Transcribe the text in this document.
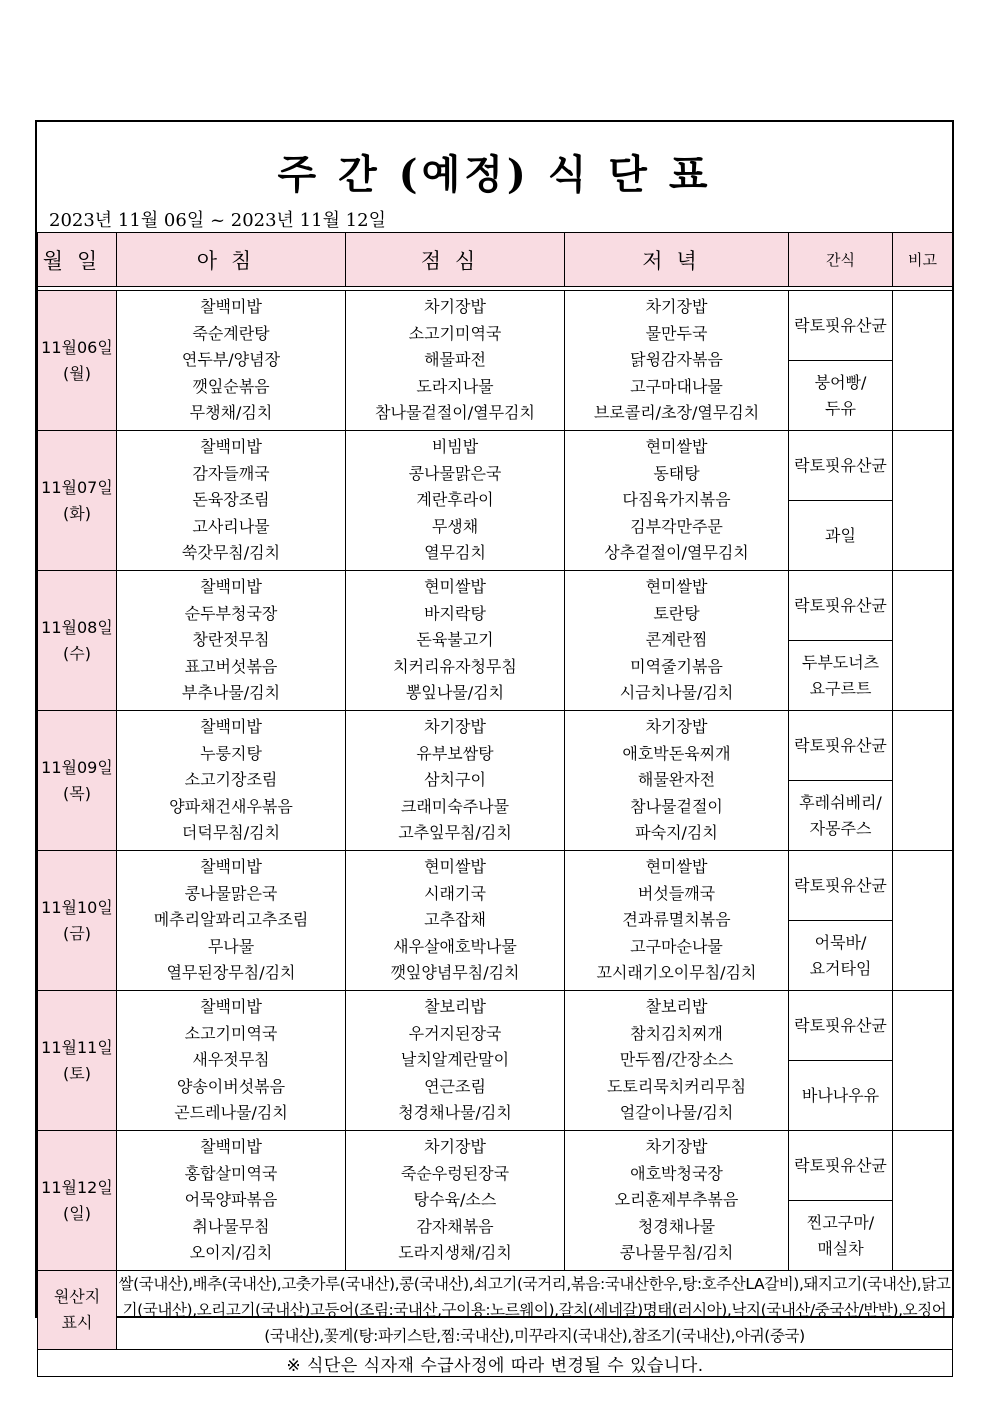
주 간 (예정) 식 단 표
2023년 11월 06일 ~ 2023년 11월 12일
월일	아침	점심	저녁	간식	비고

11월06일
(월)	찰백미밥
죽순계란탕
연두부/양념장
깻잎순볶음
무챙채/김치	차기장밥
소고기미역국
해물파전
도라지나물
참나물겉절이/열무김치	차기장밥
물만두국
닭윙감자볶음
고구마대나물
브로콜리/초장/열무김치	락토핏유산균	

				붕어빵/
두유	

11월07일
(화)	찰백미밥
감자들깨국
돈육장조림
고사리나물
쑥갓무침/김치	비빔밥
콩나물맑은국
계란후라이
무생채
열무김치	현미쌀밥
동태탕
다짐육가지볶음
김부각만주문
상추겉절이/열무김치	락토핏유산균	

				과일	

11월08일
(수)	찰백미밥
순두부청국장
창란젓무침
표고버섯볶음
부추나물/김치	현미쌀밥
바지락탕
돈육불고기
치커리유자청무침
뽕잎나물/김치	현미쌀밥
토란탕
콘계란찜
미역줄기볶음
시금치나물/김치	락토핏유산균	

				두부도너츠
요구르트	

11월09일
(목)	찰백미밥
누룽지탕
소고기장조림
양파채건새우볶음
더덕무침/김치	차기장밥
유부보쌈탕
삼치구이
크래미숙주나물
고추잎무침/김치	차기장밥
애호박돈육찌개
해물완자전
참나물겉절이
파숙지/김치	락토핏유산균	

				후레쉬베리/
자몽주스	

11월10일
(금)	찰백미밥
콩나물맑은국
메추리알꽈리고추조림
무나물
열무된장무침/김치	현미쌀밥
시래기국
고추잡채
새우살애호박나물
깻잎양념무침/김치	현미쌀밥
버섯들깨국
견과류멸치볶음
고구마순나물
꼬시래기오이무침/김치	락토핏유산균	

				어묵바/
요거타임	

11월11일
(토)	찰백미밥
소고기미역국
새우젓무침
양송이버섯볶음
곤드레나물/김치	찰보리밥
우거지된장국
날치알계란말이
연근조림
청경채나물/김치	찰보리밥
참치김치찌개
만두찜/간장소스
도토리묵치커리무침
얼갈이나물/김치	락토핏유산균	

				바나나우유	

11월12일
(일)	찰백미밥
홍합살미역국
어묵양파볶음
취나물무침
오이지/김치	차기장밥
죽순우렁된장국
탕수육/소스
감자채볶음
도라지생채/김치	차기장밥
애호박청국장
오리훈제부추볶음
청경채나물
콩나물무침/김치	락토핏유산균	

				찐고구마/
매실차	

원산지
표시	쌀(국내산),배추(국내산),고춧가루(국내산),콩(국내산),쇠고기(국거리,볶음:국내산한우,탕:호주산LA갈비),돼지고기(국내산),닭고기(국내산),오리고기(국내산)고등어(조림:국내산,구이용:노르웨이),갈치(세네갈)명태(러시아),낙지(국내산/중국산/반반),오징어(국내산),꽃게(탕:파키스탄,찜:국내산),미꾸라지(국내산),참조기(국내산),아귀(중국)				
※ 식단은 식자재 수급사정에 따라 변경될 수 있습니다.					
